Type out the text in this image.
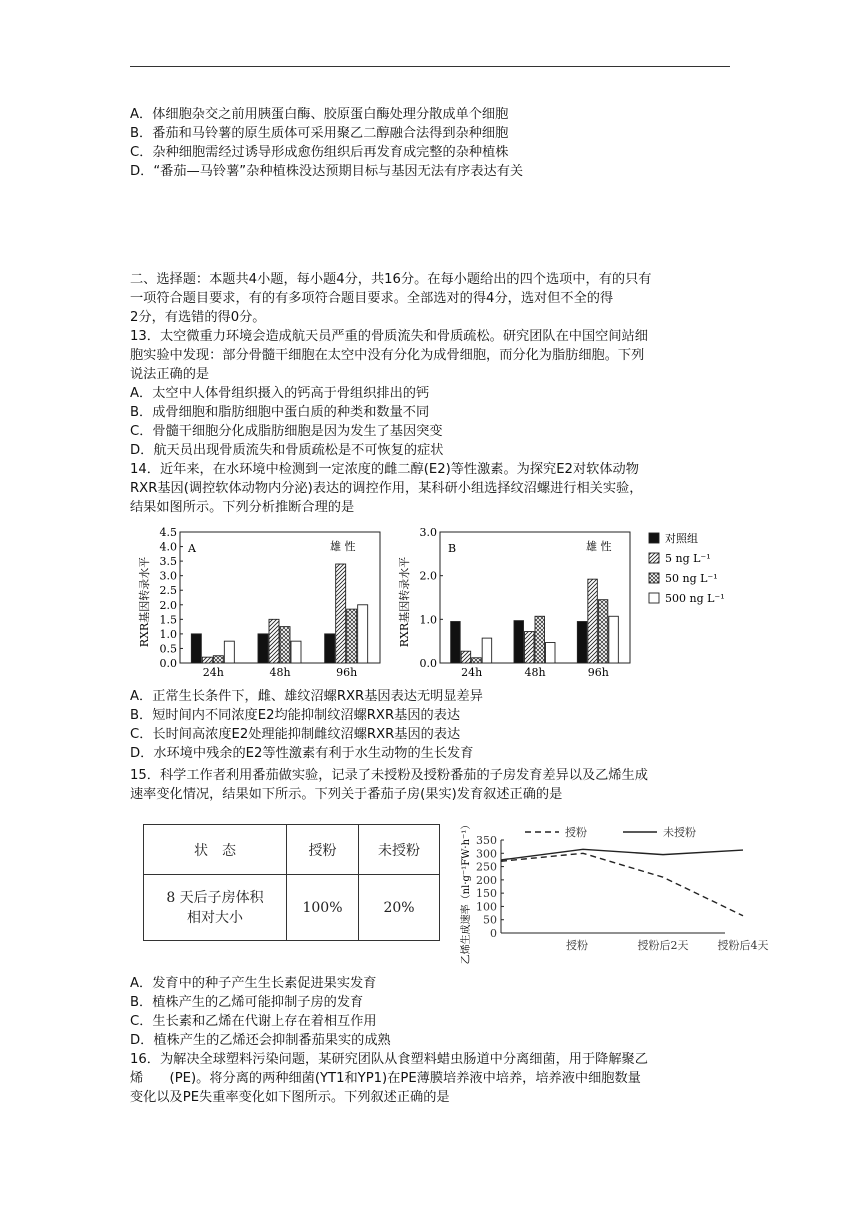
A．体细胞杂交之前用胰蛋白酶、胶原蛋白酶处理分散成单个细胞
B．番茄和马铃薯的原生质体可采用聚乙二醇融合法得到杂种细胞
C．杂种细胞需经过诱导形成愈伤组织后再发育成完整的杂种植株
D．“番茄—马铃薯”杂种植株没达预期目标与基因无法有序表达有关
二、选择题：本题共4小题，每小题4分，共16分。在每小题给出的四个选项中，有的只有
一项符合题目要求，有的有多项符合题目要求。全部选对的得4分，选对但不全的得
2分，有选错的得0分。
13．太空微重力环境会造成航天员严重的骨质流失和骨质疏松。研究团队在中国空间站细
胞实验中发现：部分骨髓干细胞在太空中没有分化为成骨细胞，而分化为脂肪细胞。下列
说法正确的是
A．太空中人体骨组织摄入的钙高于骨组织排出的钙
B．成骨细胞和脂肪细胞中蛋白质的种类和数量不同
C．骨髓干细胞分化成脂肪细胞是因为发生了基因突变
D．航天员出现骨质流失和骨质疏松是不可恢复的症状
14．近年来，在水环境中检测到一定浓度的雌二醇(E2)等性激素。为探究E2对软体动物
RXR基因(调控软体动物内分泌)表达的调控作用，某科研小组选择纹沼螺进行相关实验，
结果如图所示。下列分析推断合理的是
A	雄 性
RXR基因转录水平
0.0
0.5
1.0
1.5
2.0
2.5
3.0
3.5
4.0
4.5
24h	48h	96h
B	雄 性
RXR基因转录水平
0.0
1.0
2.0
3.0
24h	48h	96h
对照组
5 ng L⁻¹
50 ng L⁻¹
500 ng L⁻¹
A．正常生长条件下，雌、雄纹沼螺RXR基因表达无明显差异
B．短时间内不同浓度E2均能抑制纹沼螺RXR基因的表达
C．长时间高浓度E2处理能抑制雌纹沼螺RXR基因的表达
D．水环境中残余的E2等性激素有利于水生动物的生长发育
15．科学工作者利用番茄做实验，记录了未授粉及授粉番茄的子房发育差异以及乙烯生成
速率变化情况，结果如下所示。下列关于番茄子房(果实)发育叙述正确的是
状　态	授粉	未授粉

8 天后子房体积
相对大小	100%	20%	乙烯生成速率（nl·g⁻¹FW·h⁻¹） 0
50
100
150
200
250
300
350
授粉	授粉后2天	授粉后4天
授粉	未授粉
A．发育中的种子产生生长素促进果实发育
B．植株产生的乙烯可能抑制子房的发育
C．生长素和乙烯在代谢上存在着相互作用
D．植株产生的乙烯还会抑制番茄果实的成熟
16．为解决全球塑料污染问题，某研究团队从食塑料蜡虫肠道中分离细菌，用于降解聚乙
烯　　(PE)。将分离的两种细菌(YT1和YP1)在PE薄膜培养液中培养，培养液中细胞数量
变化以及PE失重率变化如下图所示。下列叙述正确的是
